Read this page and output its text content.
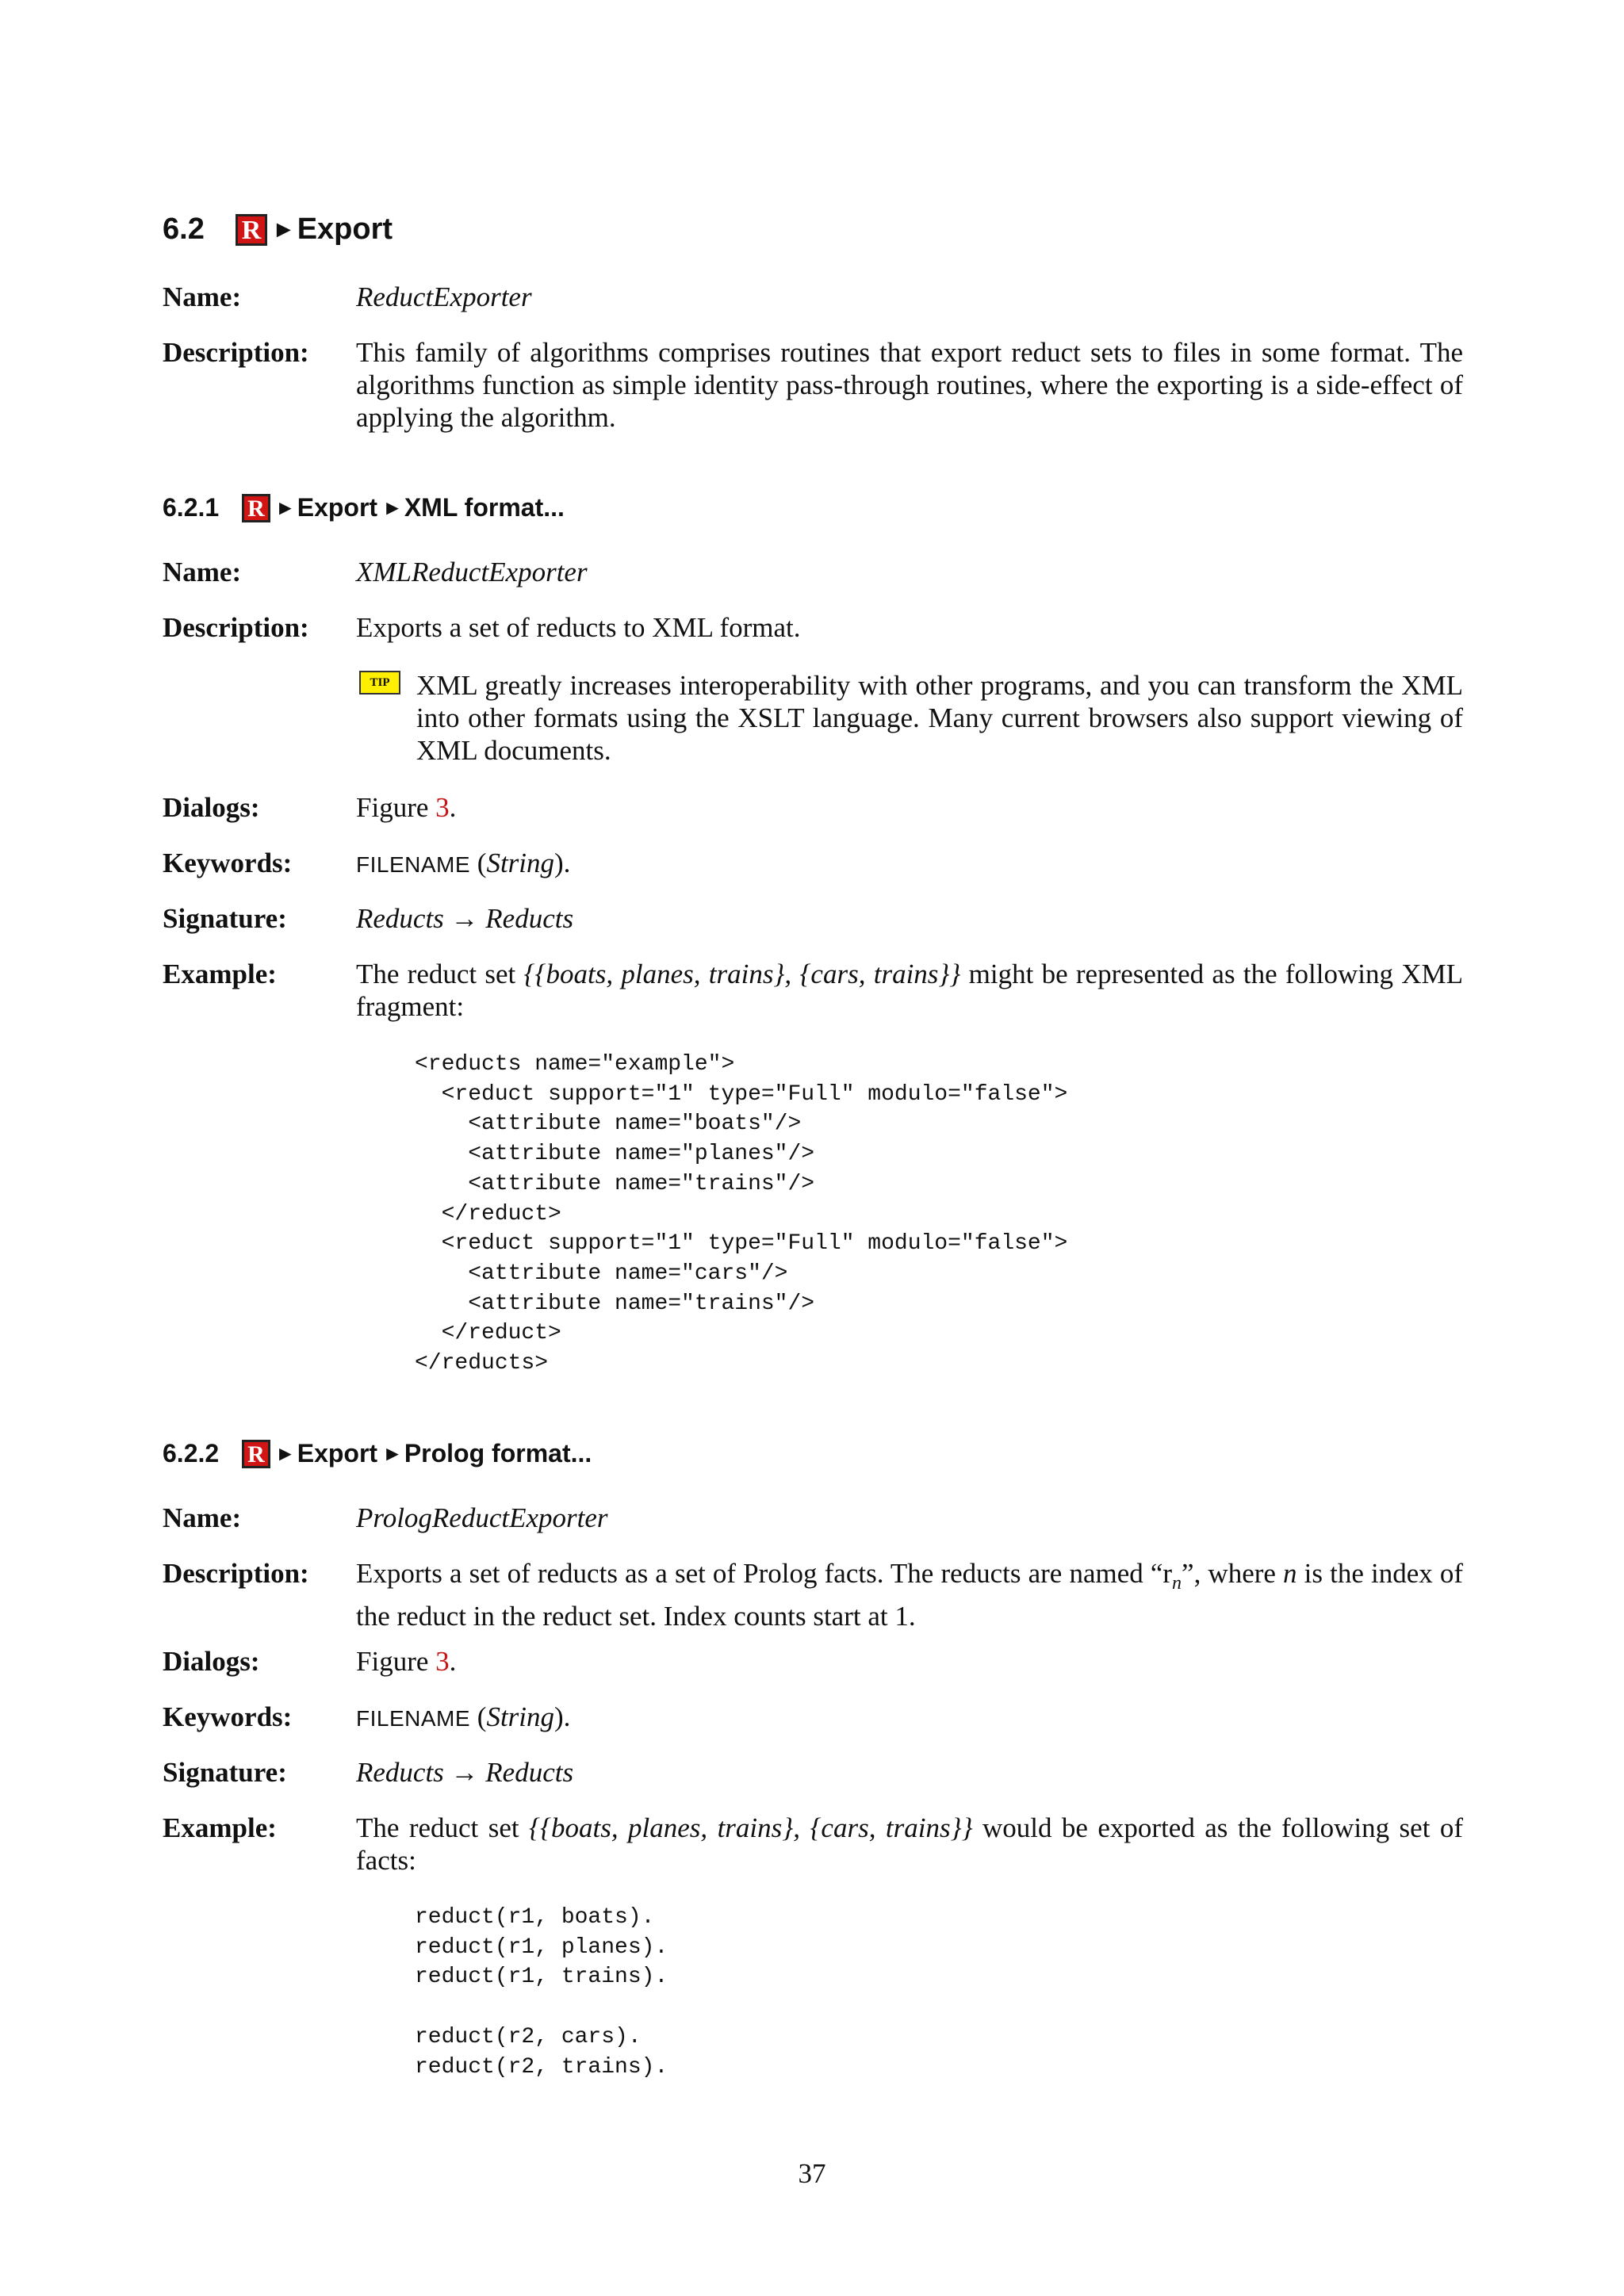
6.2	R ► Export
Name:	ReductExporter
Description:	This family of algorithms comprises routines that export reduct sets to files in some format. The algorithms function as simple identity pass-through routines, where the exporting is a side-effect of applying the algorithm.
6.2.1	R ► Export ► XML format...
Name:	XMLReductExporter
Description:	Exports a set of reducts to XML format.
TIP XML greatly increases interoperability with other programs, and you can transform the XML into other formats using the XSLT language. Many current browsers also support viewing of XML documents.
Dialogs:	Figure 3.
Keywords:	FILENAME (String).
Signature:	Reducts → Reducts
Example:	The reduct set {{boats, planes, trains}, {cars, trains}} might be represented as the following XML fragment:
<reducts name="example">
<reduct support="1" type="Full" modulo="false">
<attribute name="boats"/>
<attribute name="planes"/>
<attribute name="trains"/>
</reduct>
<reduct support="1" type="Full" modulo="false">
<attribute name="cars"/>
<attribute name="trains"/>
</reduct>
</reducts>
6.2.2	R ► Export ► Prolog format...
Name:	PrologReductExporter
Description:	Exports a set of reducts as a set of Prolog facts. The reducts are named “$r_n$”, where n is the index of the reduct in the reduct set. Index counts start at 1.
Dialogs:	Figure 3.
Keywords:	FILENAME (String).
Signature:	Reducts → Reducts
Example:	The reduct set {{boats, planes, trains}, {cars, trains}} would be exported as the following set of facts:
reduct(r1, boats).
reduct(r1, planes).
reduct(r1, trains).

reduct(r2, cars).
reduct(r2, trains).
37
